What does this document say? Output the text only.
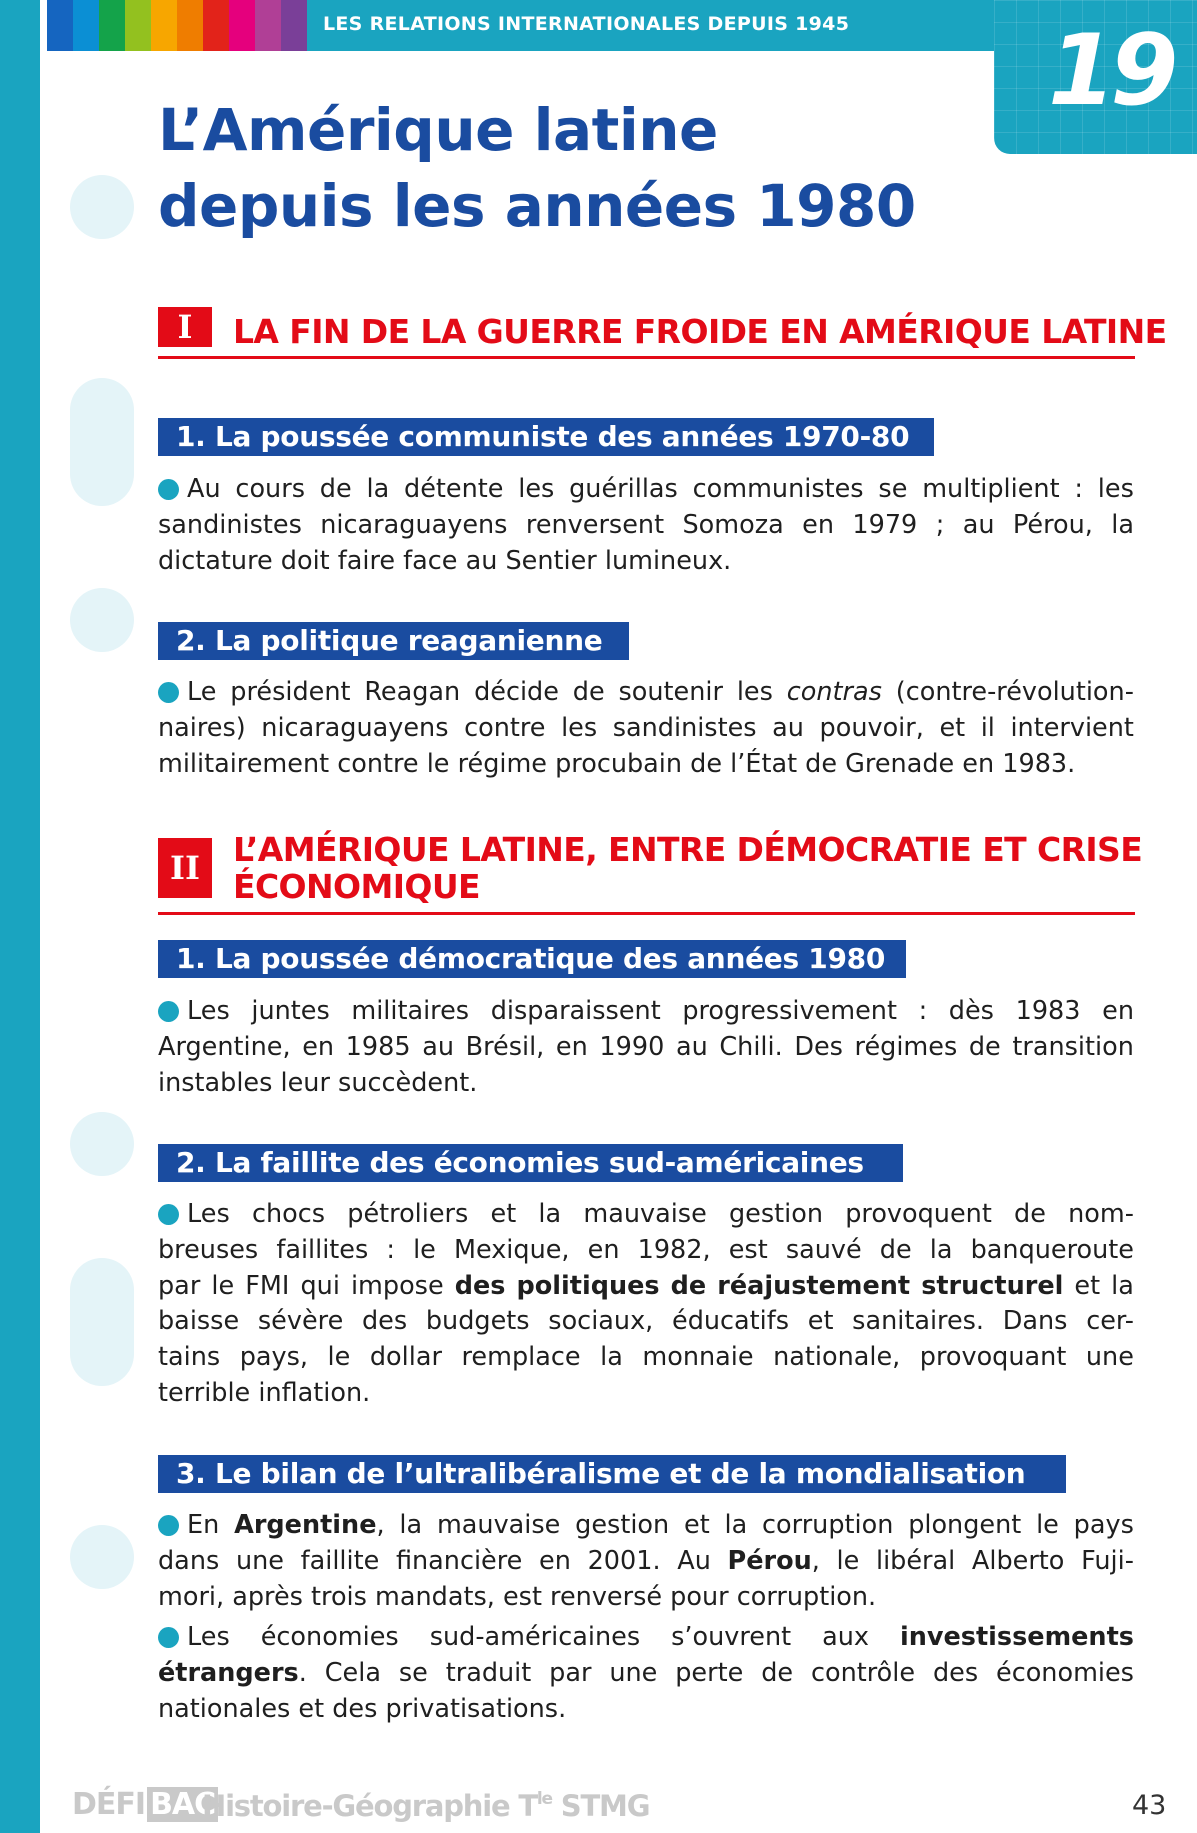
LES RELATIONS INTERNATIONALES DEPUIS 1945 19
L’Amérique latine
depuis les années 1980
I	LA FIN DE LA GUERRE FROIDE EN AMÉRIQUE LATINE
1. La poussée communiste des années 1970-80
Au cours de la détente les guérillas communistes se multiplient : les
sandinistes nicaraguayens renversent Somoza en 1979 ; au Pérou, la
dictature doit faire face au Sentier lumineux.
2. La politique reaganienne
Le président Reagan décide de soutenir les contras (contre-révolution-
naires) nicaraguayens contre les sandinistes au pouvoir, et il intervient
militairement contre le régime procubain de l’État de Grenade en 1983.
II	L’AMÉRIQUE LATINE, ENTRE DÉMOCRATIE ET CRISE
ÉCONOMIQUE
1. La poussée démocratique des années 1980
Les juntes militaires disparaissent progressivement : dès 1983 en
Argentine, en 1985 au Brésil, en 1990 au Chili. Des régimes de transition
instables leur succèdent.
2. La faillite des économies sud-américaines
Les chocs pétroliers et la mauvaise gestion provoquent de nom-
breuses faillites : le Mexique, en 1982, est sauvé de la banqueroute
par le FMI qui impose des politiques de réajustement structurel et la
baisse sévère des budgets sociaux, éducatifs et sanitaires. Dans cer-
tains pays, le dollar remplace la monnaie nationale, provoquant une
terrible inflation.
3. Le bilan de l’ultralibéralisme et de la mondialisation
En Argentine , la mauvaise gestion et la corruption plongent le pays
dans une faillite financière en 2001. Au Pérou , le libéral Alberto Fuji-
mori, après trois mandats, est renversé pour corruption.
Les économies sud-américaines s’ouvrent aux investissements
étrangers . Cela se traduit par une perte de contrôle des économies
nationales et des privatisations.
DÉFI BAC
Histoire-Géographie $T^{le}$ STMG	43
